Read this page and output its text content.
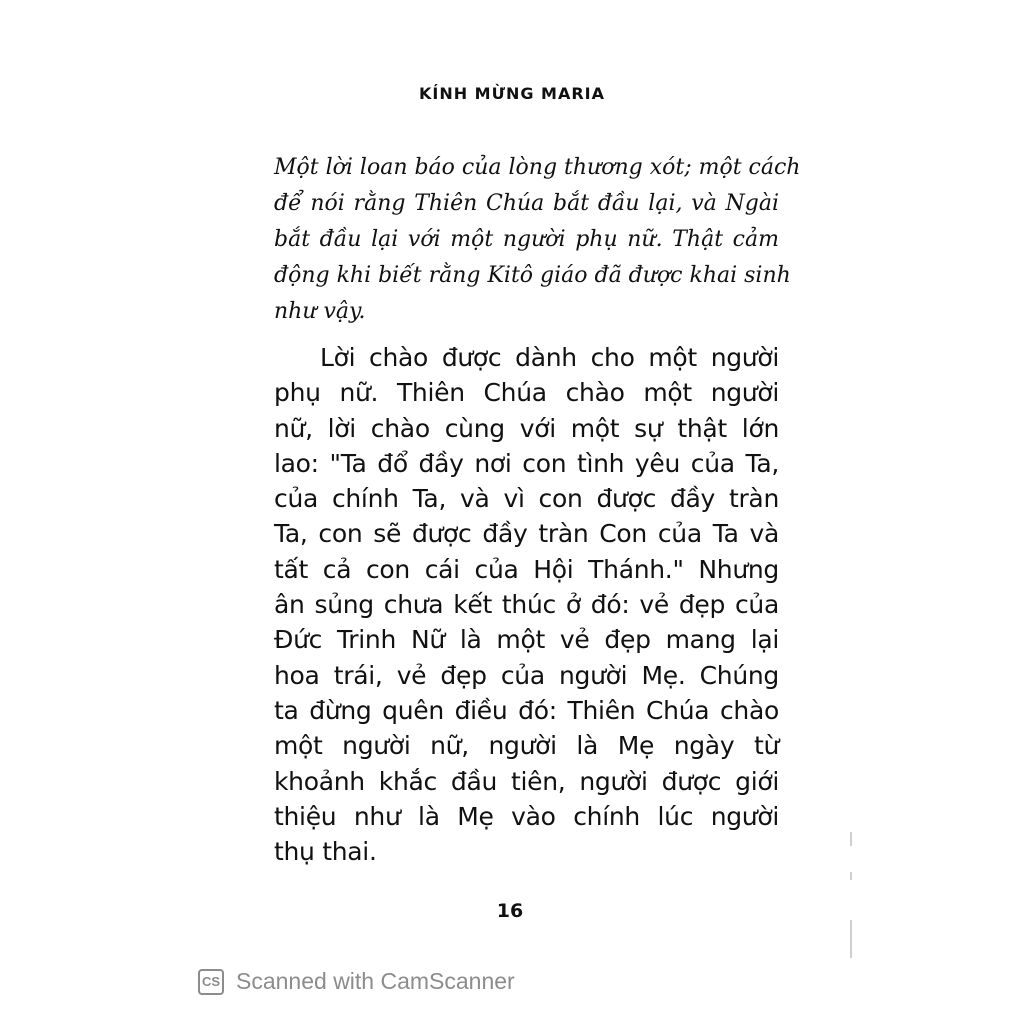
KÍNH MỪNG MARIA
Một lời loan báo của lòng thương xót; một cách
để nói rằng Thiên Chúa bắt đầu lại, và Ngài
bắt đầu lại với một người phụ nữ. Thật cảm
động khi biết rằng Kitô giáo đã được khai sinh
như vậy.
Lời chào được dành cho một người
phụ nữ. Thiên Chúa chào một người
nữ, lời chào cùng với một sự thật lớn
lao: "Ta đổ đầy nơi con tình yêu của Ta,
của chính Ta, và vì con được đầy tràn
Ta, con sẽ được đầy tràn Con của Ta và
tất cả con cái của Hội Thánh." Nhưng
ân sủng chưa kết thúc ở đó: vẻ đẹp của
Đức Trinh Nữ là một vẻ đẹp mang lại
hoa trái, vẻ đẹp của người Mẹ. Chúng
ta đừng quên điều đó: Thiên Chúa chào
một người nữ, người là Mẹ ngày từ
khoảnh khắc đầu tiên, người được giới
thiệu như là Mẹ vào chính lúc người
thụ thai.
16
CS Scanned with CamScanner
